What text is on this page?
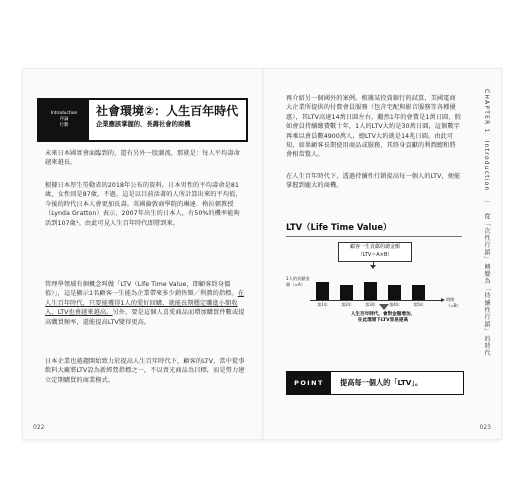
Introduction
序論
行動
社會環境②：人生百年時代
企業應該掌握的、長壽社會的商機

未來日本國實會面臨到的，還有另外一股潮流，那就是：每人平均壽命越來越長。

根據日本厚生勞動省的2018年公布的資料，日本男性的平均壽命是81歲，女性則是87歲，不過，這是以目前活著的人所計算出來的平均值，今後的時代日本人會更加長壽。英國倫敦商學院的琳達．格拉頓教授（Lynda Gratton）表示，2007年出生的日本人，有50%的機率能夠活到107歲¹。由此可見人生百年時代即將到來。

管理學領域有個概念叫做「LTV（Life Time Value，即顧客終身價值）」，這是顯示1名顧客一生能為企業帶來多少銷售額／利潤的指標。在人生百年時代，只要能獲得1人的愛好回購，就能長期穩定賺進小額收入，LTV也會越來越高。另外，要是這個人喜愛商品而增加購買件數或提高購買頻率，還能提高LTV變得更高。

日本企業也越趨開始致力於提高人生百年時代下，顧客的LTV，當中從事飲料大廠將LTV設為新經營指標之一，不以賣光商品為目標，而是努力建立定期購買的商業模式。

022

再介紹另一個國外的案例。根據某投資銀行的試算，美國電商大企業所提供的付費會員服務（包含宅配與影音服務等各種優惠），其LTV高達14萬日圓左右。繼然1年的會費是1萬日圓，假如會員持續繳費數十年，1人的LTV大約是30萬日圓，這個數字再乘以會員數4900萬人，總LTV大約就是14兆日圓。由此可知，如果顧客長期使用商品或服務，其終身貢獻的利潤總和將會相當驚人。

在人生百年時代下，透過持續性行銷提高每一個人的LTV，便能掌握到龐大的商機。

LTV（Life Time Value）
顧客一生貢獻的總金額
（LTV＝A×B）
1人的貢獻金額（=A）
時間（=B）
人生百年時代，會對金額增加，
在此環境下LTV容易提高
第1年	第2年	第3年	第4年	第5年
POINT	提高每一個人的「LTV」。
CHAPTER 1　Introduction　｜　從「次性行銷」轉變為「持續性行銷」的時代
023
